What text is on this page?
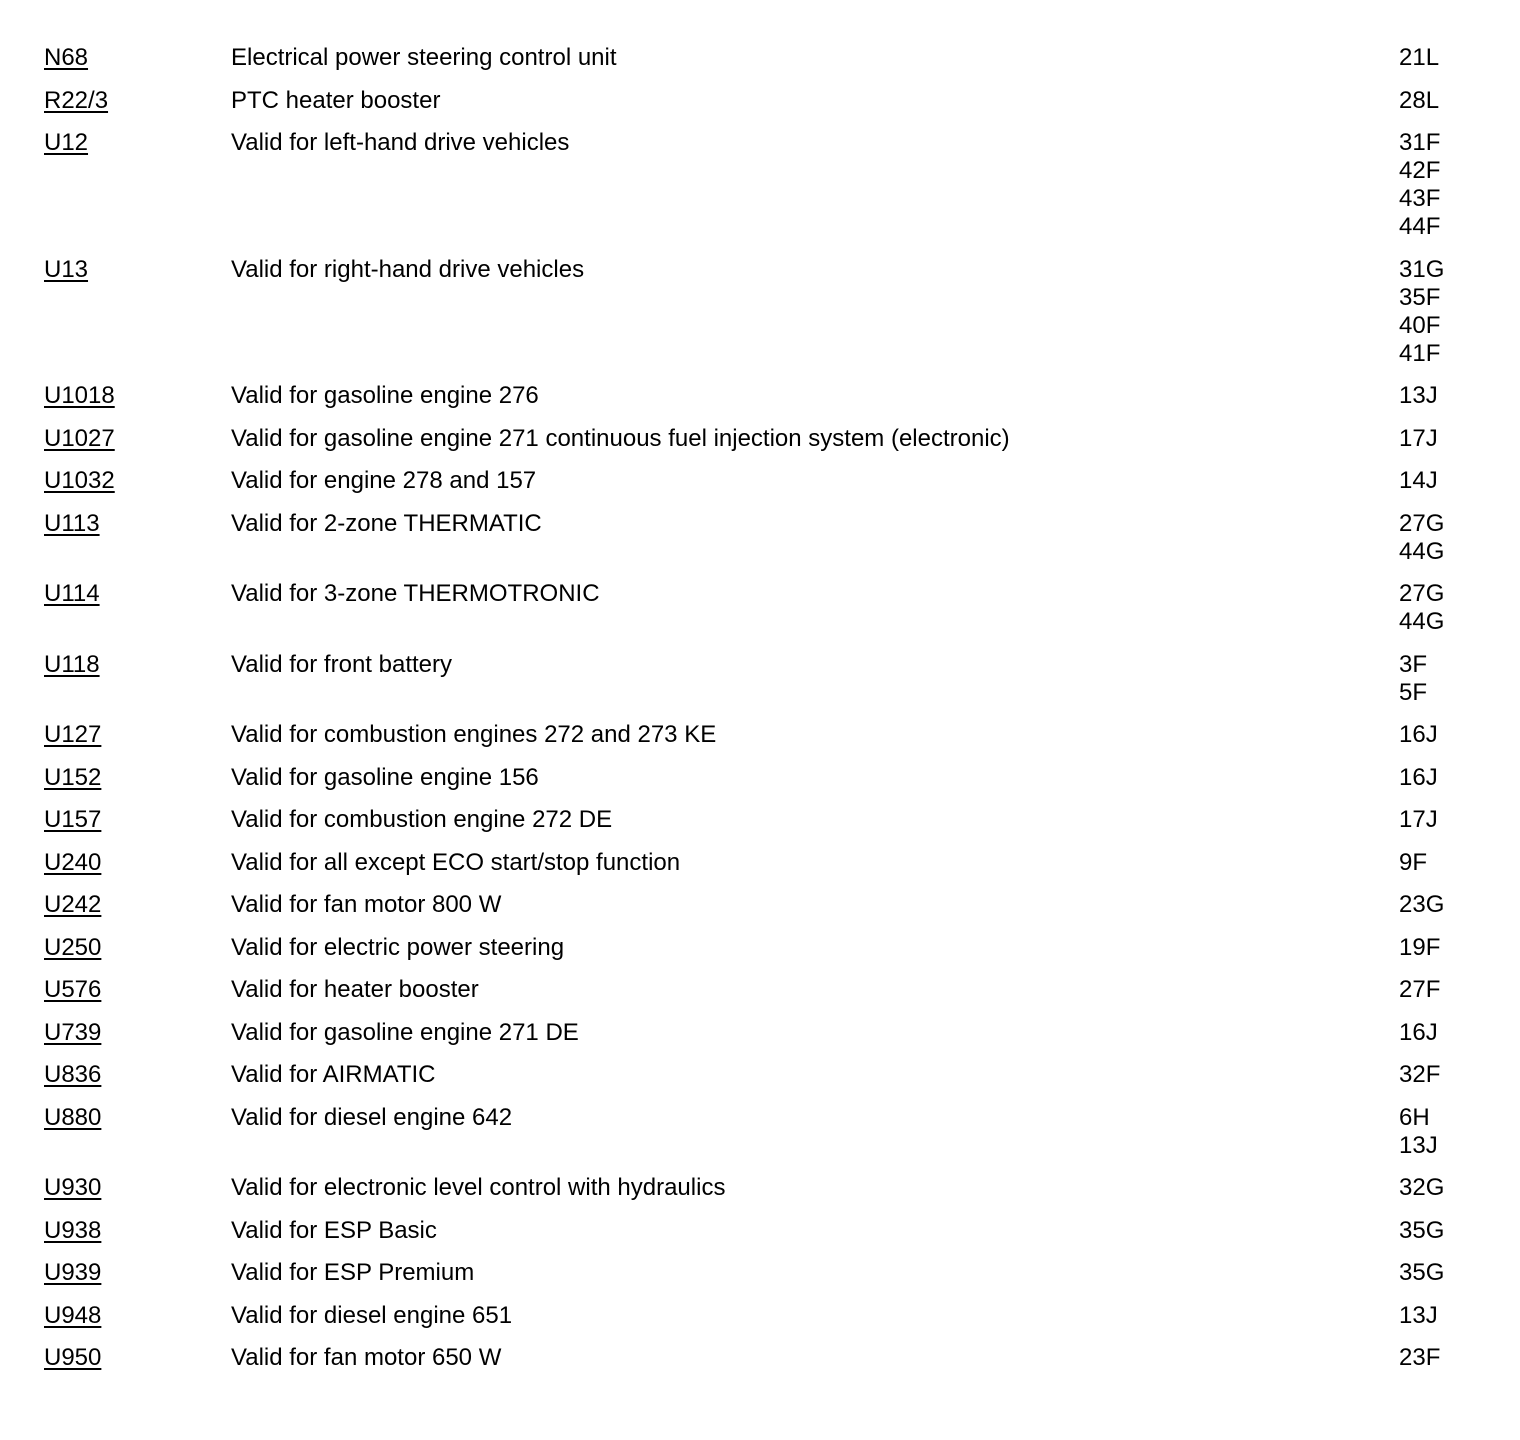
N68	Electrical power steering control unit	21L
R22/3	PTC heater booster	28L
U12	Valid for left-hand drive vehicles	31F
42F
43F
44F
U13	Valid for right-hand drive vehicles	31G
35F
40F
41F
U1018	Valid for gasoline engine 276	13J
U1027	Valid for gasoline engine 271 continuous fuel injection system (electronic)	17J
U1032	Valid for engine 278 and 157	14J
U113	Valid for 2-zone THERMATIC	27G
44G
U114	Valid for 3-zone THERMOTRONIC	27G
44G
U118	Valid for front battery	3F
5F
U127	Valid for combustion engines 272 and 273 KE	16J
U152	Valid for gasoline engine 156	16J
U157	Valid for combustion engine 272 DE	17J
U240	Valid for all except ECO start/stop function	9F
U242	Valid for fan motor 800 W	23G
U250	Valid for electric power steering	19F
U576	Valid for heater booster	27F
U739	Valid for gasoline engine 271 DE	16J
U836	Valid for AIRMATIC	32F
U880	Valid for diesel engine 642	6H
13J
U930	Valid for electronic level control with hydraulics	32G
U938	Valid for ESP Basic	35G
U939	Valid for ESP Premium	35G
U948	Valid for diesel engine 651	13J
U950	Valid for fan motor 650 W	23F
